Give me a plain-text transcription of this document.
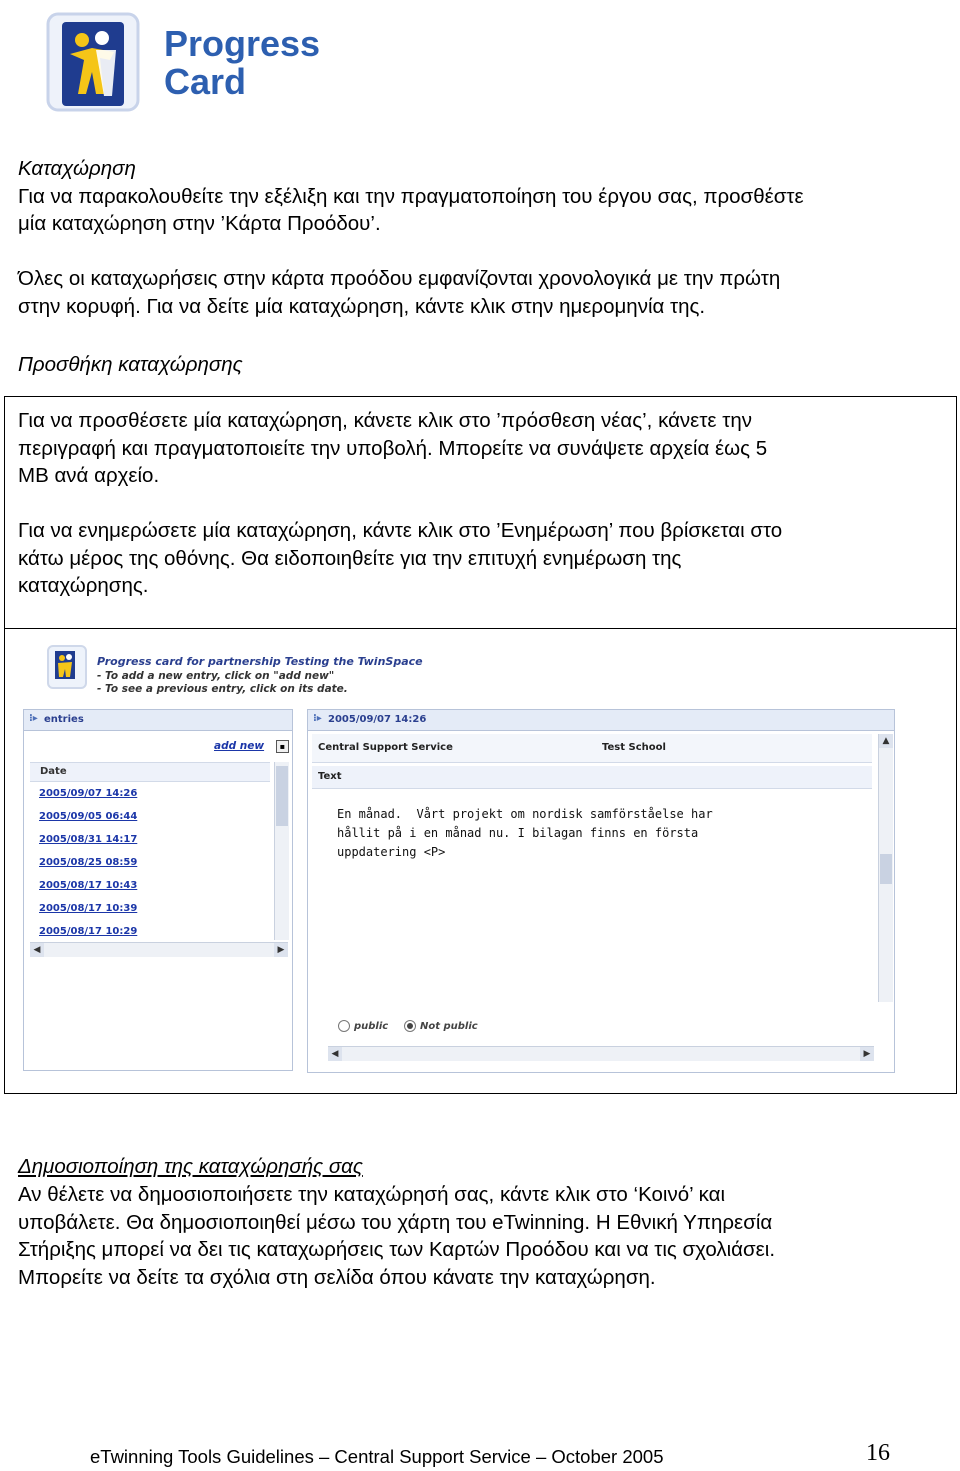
Progress
Card

Καταχώρηση

Για να παρακολουθείτε την εξέλιξη και την πραγματοποίηση του έργου σας, προσθέστε

μία καταχώρηση στην ’Κάρτα Προόδου’.

Όλες οι καταχωρήσεις στην κάρτα προόδου εμφανίζονται χρονολογικά με την πρώτη

στην κορυφή. Για να δείτε μία καταχώρηση, κάντε κλικ στην ημερομηνία της.

Προσθήκη καταχώρησης

Για να προσθέσετε μία καταχώρηση, κάνετε κλικ στο ’πρόσθεση νέας’, κάνετε την

περιγραφή και πραγματοποιείτε την υποβολή. Μπορείτε να συνάψετε αρχεία έως 5

MB ανά αρχείο.

Για να ενημερώσετε μία καταχώρηση, κάντε κλικ στο ’Ενημέρωση’ που βρίσκεται στο

κάτω μέρος της οθόνης. Θα ειδοποιηθείτε για την επιτυχή ενημέρωση της

καταχώρησης.

Progress card for partnership Testing the TwinSpace
- To add a new entry, click on "add new"
- To see a previous entry, click on its date.
⁝▸ entries
add new	▪
Date
2005/09/07 14:26
2005/09/05 06:44
2005/08/31 14:17
2005/08/25 08:59
2005/08/17 10:43
2005/08/17 10:39
2005/08/17 10:29
◀	▶
⁝▸ 2005/09/07 14:26
Central Support Service	Test School
Text
▲
public	Not public
◀	▶
En månad.  Vårt projekt om nordisk samförståelse har
hållit på i en månad nu. I bilagan finns en första
uppdatering <P>

Δημοσιοποίηση της καταχώρησής σας

Αν θέλετε να δημοσιοποιήσετε την καταχώρησή σας, κάντε κλικ στο ‘Κοινό’ και

υποβάλετε. Θα δημοσιοποιηθεί μέσω του χάρτη του eTwinning. Η Εθνική Υπηρεσία

Στήριξης μπορεί να δει τις καταχωρήσεις των Καρτών Προόδου και να τις σχολιάσει.

Μπορείτε να δείτε τα σχόλια στη σελίδα όπου κάνατε την καταχώρηση.

eTwinning Tools Guidelines – Central Support Service – October 2005	16
